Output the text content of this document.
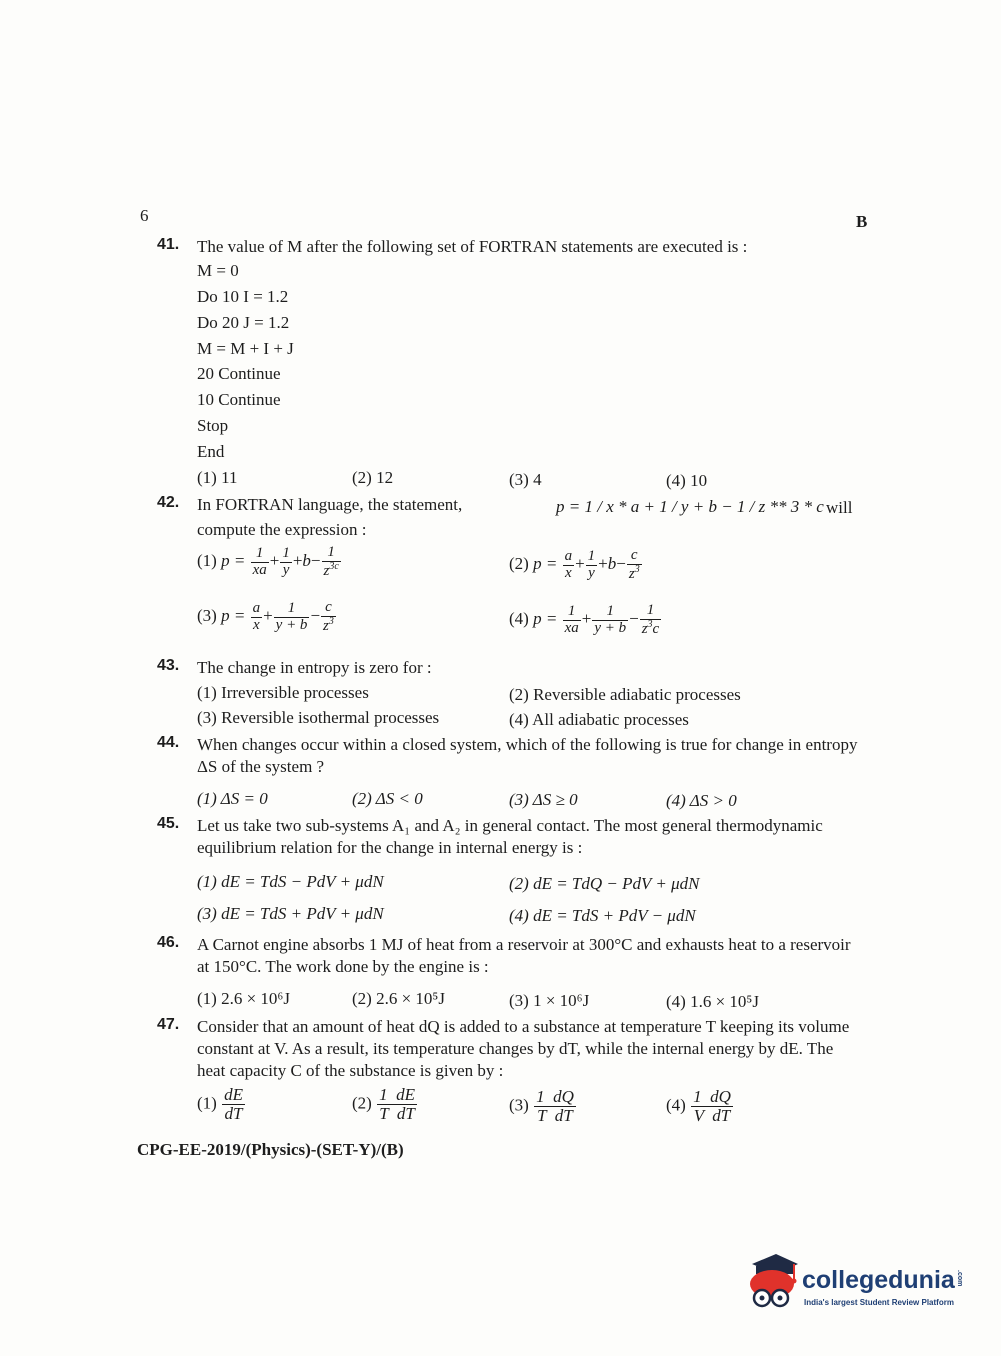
6	B
41. The value of M after the following set of FORTRAN statements are executed is :
M = 0
Do 10 I = 1.2
Do 20 J = 1.2
M = M + I + J
20 Continue
10 Continue
Stop
End
(1) 11	(2) 12	(3) 4	(4) 10
42. In FORTRAN language, the statement,	p = 1 / x * a + 1 / y + b − 1 / z ** 3 * c will
compute the expression :
(1) $p = \frac{1}{xa} + \frac{1}{y} +b- \frac{1}{z^{3c}}$	(2) $p = \frac{a}{x} + \frac{1}{y} +b- \frac{c}{z^3}$
(3) $p = \frac{a}{x} + \frac{1}{y + b} - \frac{c}{z^3}$	(4) $p = \frac{1}{xa} + \frac{1}{y + b} - \frac{1}{z^3c}$
43. The change in entropy is zero for :
(1) Irreversible processes	(2) Reversible adiabatic processes
(3) Reversible isothermal processes	(4) All adiabatic processes
44. When changes occur within a closed system, which of the following is true for change in entropy ΔS of the system ?
(1) ΔS = 0	(2) ΔS < 0	(3) ΔS ≥ 0	(4) ΔS > 0
45. Let us take two sub-systems A₁ and A₂ in general contact. The most general thermodynamic equilibrium relation for the change in internal energy is :
(1) dE = TdS − PdV + μdN	(2) dE = TdQ − PdV + μdN
(3) dE = TdS + PdV + μdN	(4) dE = TdS + PdV − μdN
46. A Carnot engine absorbs 1 MJ of heat from a reservoir at 300°C and exhausts heat to a reservoir at 150°C. The work done by the engine is :
(1) 2.6 × 10⁶J	(2) 2.6 × 10⁵J	(3) 1 × 10⁶J	(4) 1.6 × 10⁵J
47. Consider that an amount of heat dQ is added to a substance at temperature T keeping its volume constant at V. As a result, its temperature changes by dT, while the internal energy by dE. The heat capacity C of the substance is given by :
$(1) \frac{dE}{dT}$	$(2) \frac{1 dE}{\text{T  dT}}$	$(3) \frac{1 dQ}{\text{T  dT}}$	$(4) \frac{1 dQ}{\text{V  dT}}$
CPG-EE-2019/(Physics)-(SET-Y)/(B)
collegedunia .com
India's largest Student Review Platform
